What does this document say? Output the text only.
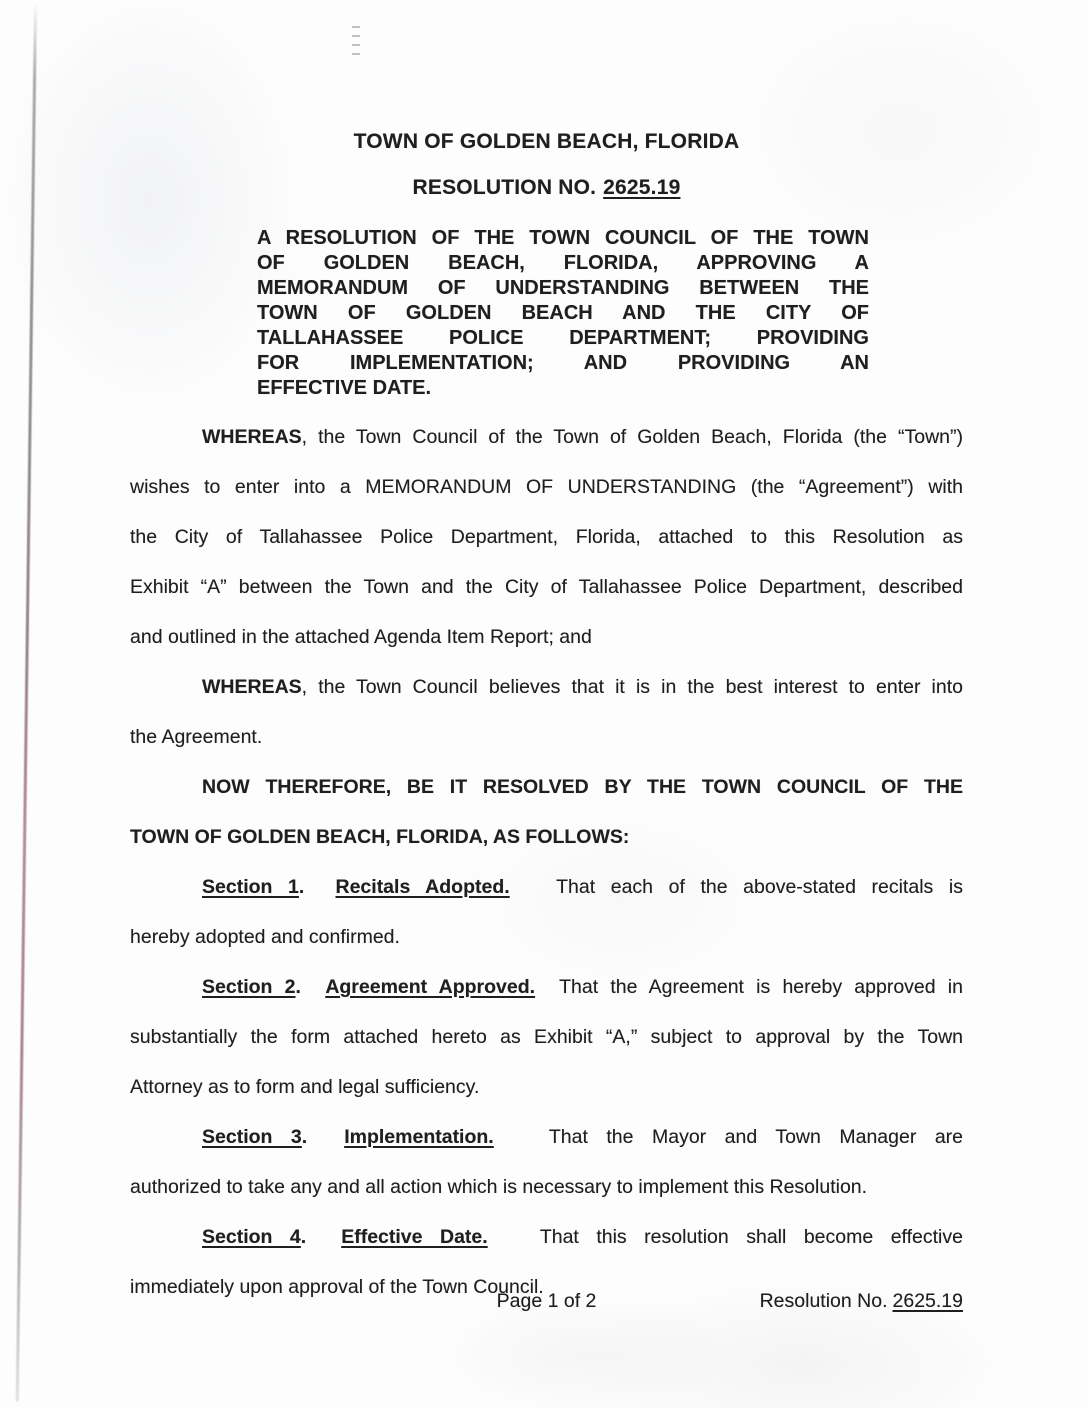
TOWN OF GOLDEN BEACH, FLORIDA
RESOLUTION NO. 2625.19
A RESOLUTION OF THE TOWN COUNCIL OF THE TOWN
OF GOLDEN BEACH, FLORIDA, APPROVING A
MEMORANDUM OF UNDERSTANDING BETWEEN THE
TOWN OF GOLDEN BEACH AND THE CITY OF
TALLAHASSEE POLICE DEPARTMENT; PROVIDING
FOR IMPLEMENTATION; AND PROVIDING AN
EFFECTIVE DATE.
WHEREAS, the Town Council of the Town of Golden Beach, Florida (the “Town”)
wishes to enter into a MEMORANDUM OF UNDERSTANDING (the “Agreement”) with
the City of Tallahassee Police Department, Florida, attached to this Resolution as
Exhibit “A” between the Town and the City of Tallahassee Police Department, described
and outlined in the attached Agenda Item Report; and
WHEREAS, the Town Council believes that it is in the best interest to enter into
the Agreement.
NOW THEREFORE, BE IT RESOLVED BY THE TOWN COUNCIL OF THE
TOWN OF GOLDEN BEACH, FLORIDA, AS FOLLOWS:
Section 1.  Recitals Adopted.   That each of the above-stated recitals is
hereby adopted and confirmed.
Section 2.  Agreement Approved.  That the Agreement is hereby approved in
substantially the form attached hereto as Exhibit “A,” subject to approval by the Town
Attorney as to form and legal sufficiency.
Section 3.  Implementation.   That the Mayor and Town Manager are
authorized to take any and all action which is necessary to implement this Resolution.
Section 4.  Effective Date.   That this resolution shall become effective
immediately upon approval of the Town Council.
Page 1 of 2	Resolution No. 2625.19
